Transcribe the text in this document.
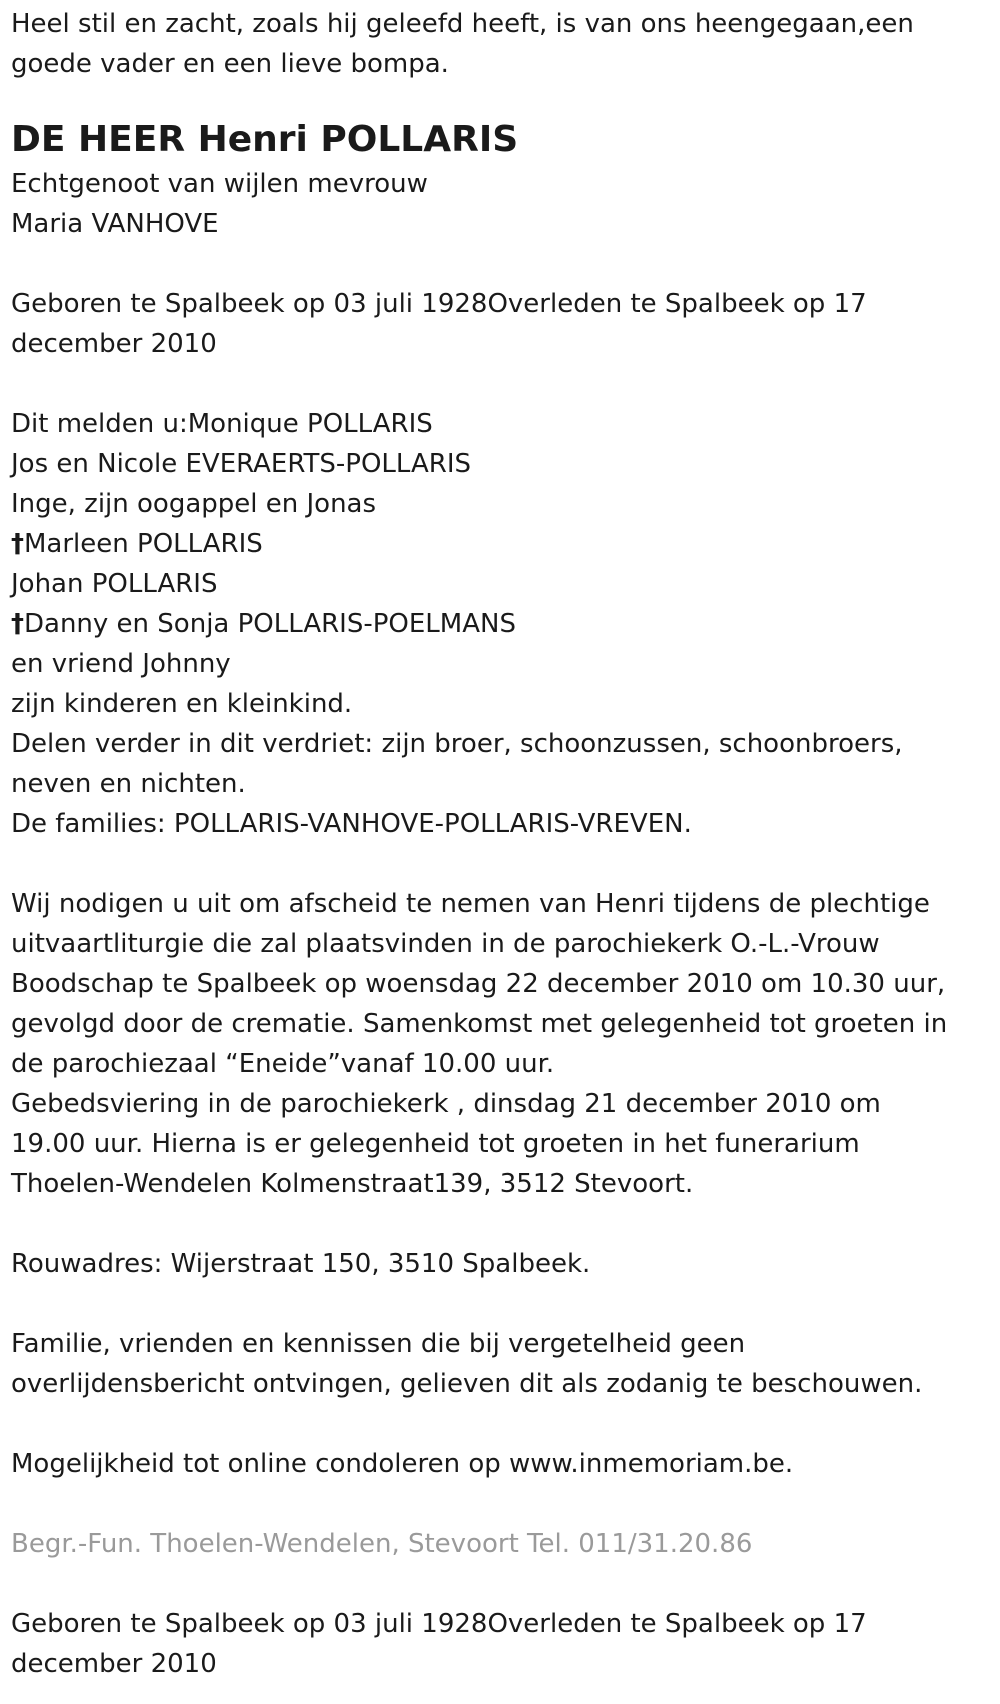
Heel stil en zacht, zoals hij geleefd heeft, is van ons heengegaan,een
goede vader en een lieve bompa.
DE HEER Henri POLLARIS
Echtgenoot van wijlen mevrouw
Maria VANHOVE
Geboren te Spalbeek op 03 juli 1928Overleden te Spalbeek op 17
december 2010
Dit melden u:Monique POLLARIS
Jos en Nicole EVERAERTS-POLLARIS
Inge, zijn oogappel en Jonas
†Marleen POLLARIS
Johan POLLARIS
†Danny en Sonja POLLARIS-POELMANS
en vriend Johnny
zijn kinderen en kleinkind.
Delen verder in dit verdriet: zijn broer, schoonzussen, schoonbroers,
neven en nichten.
De families: POLLARIS-VANHOVE-POLLARIS-VREVEN.
Wij nodigen u uit om afscheid te nemen van Henri tijdens de plechtige
uitvaartliturgie die zal plaatsvinden in de parochiekerk O.-L.-Vrouw
Boodschap te Spalbeek op woensdag 22 december 2010 om 10.30 uur,
gevolgd door de crematie. Samenkomst met gelegenheid tot groeten in
de parochiezaal “Eneide”vanaf 10.00 uur.
Gebedsviering in de parochiekerk , dinsdag 21 december 2010 om
19.00 uur. Hierna is er gelegenheid tot groeten in het funerarium
Thoelen-Wendelen Kolmenstraat139, 3512 Stevoort.
Rouwadres: Wijerstraat 150, 3510 Spalbeek.
Familie, vrienden en kennissen die bij vergetelheid geen
overlijdensbericht ontvingen, gelieven dit als zodanig te beschouwen.
Mogelijkheid tot online condoleren op www.inmemoriam.be.
Begr.-Fun. Thoelen-Wendelen, Stevoort Tel. 011/31.20.86
Geboren te Spalbeek op 03 juli 1928Overleden te Spalbeek op 17
december 2010
